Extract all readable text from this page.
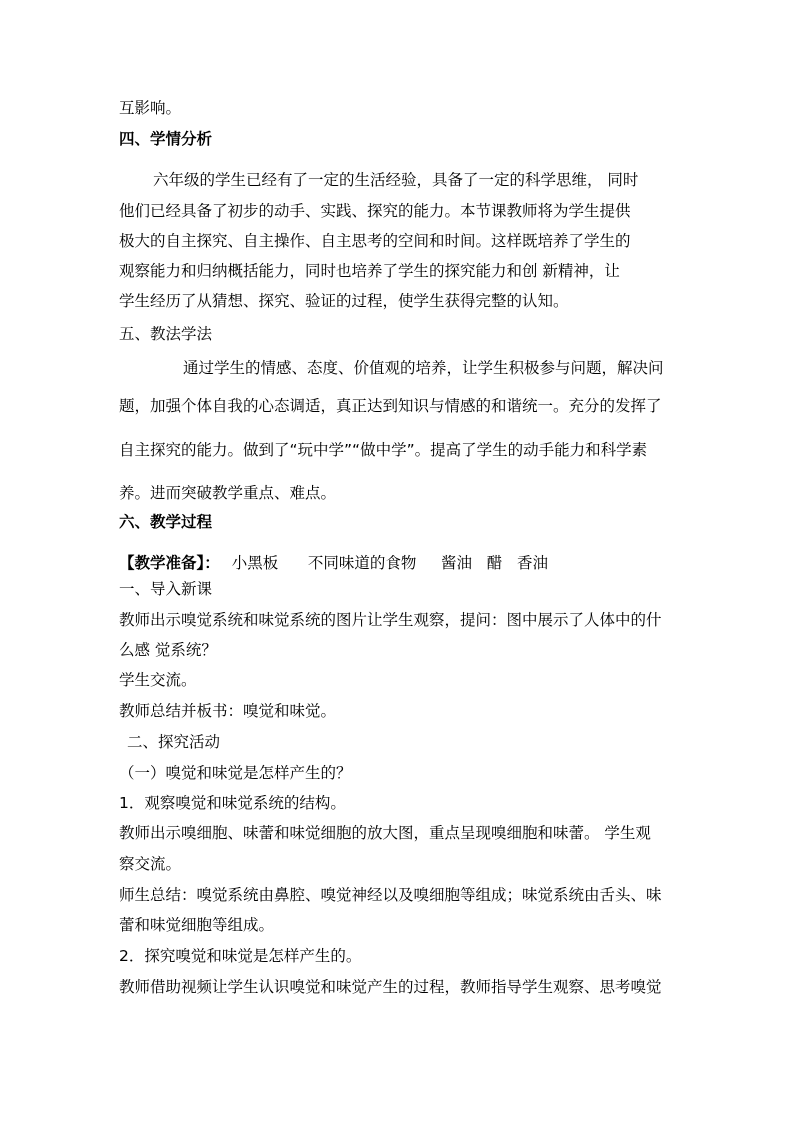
互影响。

四、学情分析

六年级的学生已经有了一定的生活经验，具备了一定的科学思维， 同时

他们已经具备了初步的动手、实践、探究的能力。本节课教师将为学生提供

极大的自主探究、自主操作、自主思考的空间和时间。这样既培养了学生的

观察能力和归纳概括能力，同时也培养了学生的探究能力和创 新精神，让

学生经历了从猜想、探究、验证的过程，使学生获得完整的认知。

五、教法学法

通过学生的情感、态度、价值观的培养，让学生积极参与问题，解决问

题，加强个体自我的心态调适，真正达到知识与情感的和谐统一。充分的发挥了

自主探究的能力。做到了“玩中学”“做中学”。提高了学生的动手能力和科学素

养。进而突破教学重点、难点。

六、教学过程

【教学准备】： 小黑板      不同味道的食物     酱油   醋   香油

一、导入新课

教师出示嗅觉系统和味觉系统的图片让学生观察，提问：图中展示了人体中的什

么感 觉系统？

学生交流。

教师总结并板书：嗅觉和味觉。

二、探究活动

（一）嗅觉和味觉是怎样产生的？

1．观察嗅觉和味觉系统的结构。

教师出示嗅细胞、味蕾和味觉细胞的放大图，重点呈现嗅细胞和味蕾。 学生观

察交流。

师生总结：嗅觉系统由鼻腔、嗅觉神经以及嗅细胞等组成；味觉系统由舌头、味

蕾和味觉细胞等组成。

2．探究嗅觉和味觉是怎样产生的。

教师借助视频让学生认识嗅觉和味觉产生的过程，教师指导学生观察、思考嗅觉
